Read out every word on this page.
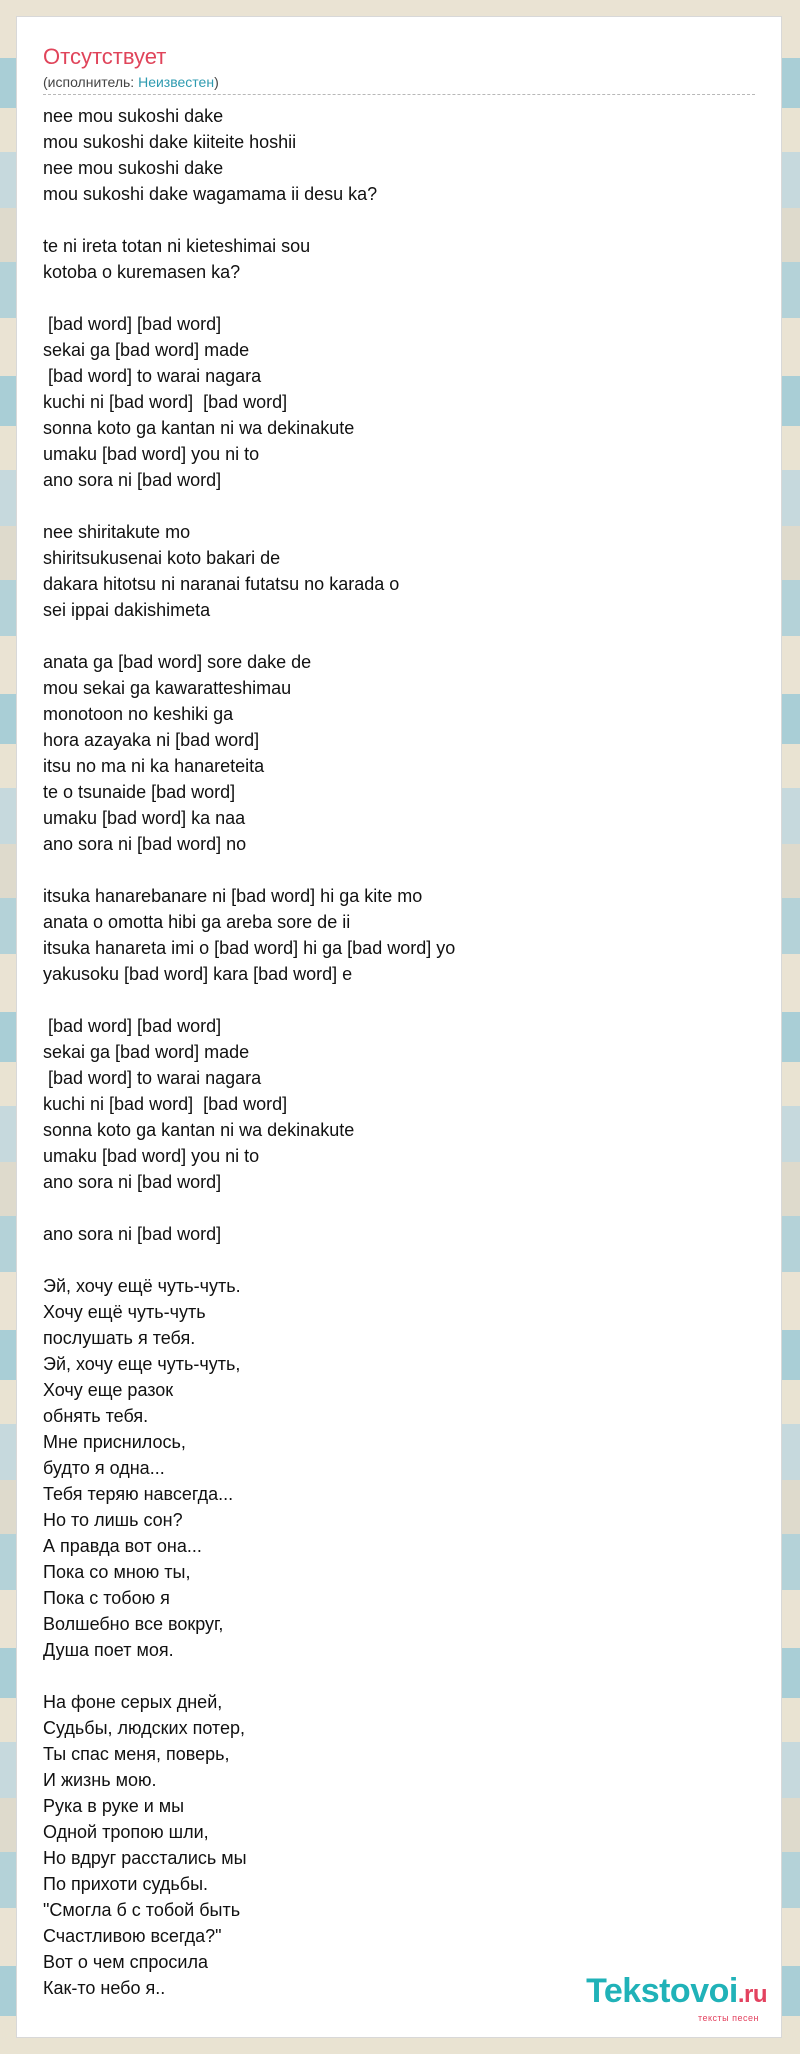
Отсутствует
(исполнитель: Неизвестен)
nee mou sukoshi dake
mou sukoshi dake kiiteite hoshii
nee mou sukoshi dake
mou sukoshi dake wagamama ii desu ka?
te ni ireta totan ni kieteshimai sou
kotoba o kuremasen ka?
[bad word] [bad word]
sekai ga [bad word] made
[bad word] to warai nagara
kuchi ni [bad word]  [bad word]
sonna koto ga kantan ni wa dekinakute
umaku [bad word] you ni to
ano sora ni [bad word]
nee shiritakute mo
shiritsukusenai koto bakari de
dakara hitotsu ni naranai futatsu no karada o
sei ippai dakishimeta
anata ga [bad word] sore dake de
mou sekai ga kawaratteshimau
monotoon no keshiki ga
hora azayaka ni [bad word]
itsu no ma ni ka hanareteita
te o tsunaide [bad word]
umaku [bad word] ka naa
ano sora ni [bad word] no
itsuka hanarebanare ni [bad word] hi ga kite mo
anata o omotta hibi ga areba sore de ii
itsuka hanareta imi o [bad word] hi ga [bad word] yo
yakusoku [bad word] kara [bad word] e
[bad word] [bad word]
sekai ga [bad word] made
[bad word] to warai nagara
kuchi ni [bad word]  [bad word]
sonna koto ga kantan ni wa dekinakute
umaku [bad word] you ni to
ano sora ni [bad word]
ano sora ni [bad word]
Эй, хочу ещё чуть-чуть.
Хочу ещё чуть-чуть
послушать я тебя.
Эй, хочу еще чуть-чуть,
Хочу еще разок
обнять тебя.
Мне приснилось,
будто я одна...
Тебя теряю навсегда...
Но то лишь сон?
А правда вот она...
Пока со мною ты,
Пока с тобою я
Волшебно все вокруг,
Душа поет моя.
На фоне серых дней,
Судьбы, людских потер,
Ты спас меня, поверь,
И жизнь мою.
Рука в руке и мы
Одной тропою шли,
Но вдруг расстались мы
По прихоти судьбы.
"Смогла б с тобой быть
Счастливою всегда?"
Вот о чем спросила
Как-то небо я..	Tekstovoi.ru
тексты песен
